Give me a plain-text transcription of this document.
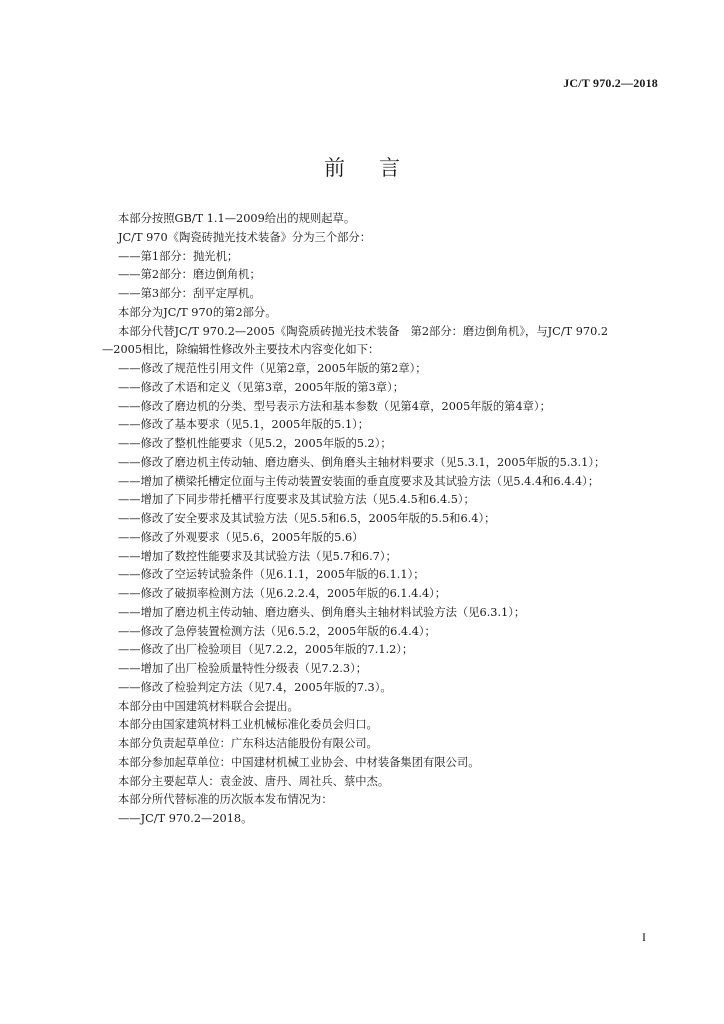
JC/T 970.2—2018
前言
本部分按照GB/T 1.1—2009给出的规则起草。
JC/T 970《陶瓷砖抛光技术装备》分为三个部分：
——第1部分：抛光机；
——第2部分：磨边倒角机；
——第3部分：刮平定厚机。
本部分为JC/T 970的第2部分。
本部分代替JC/T 970.2—2005《陶瓷质砖抛光技术装备　第2部分：磨边倒角机》，与JC/T 970.2
—2005相比，除编辑性修改外主要技术内容变化如下：
——修改了规范性引用文件（见第2章，2005年版的第2章）；
——修改了术语和定义（见第3章，2005年版的第3章）；
——修改了磨边机的分类、型号表示方法和基本参数（见第4章，2005年版的第4章）；
——修改了基本要求（见5.1，2005年版的5.1）；
——修改了整机性能要求（见5.2，2005年版的5.2）；
——修改了磨边机主传动轴、磨边磨头、倒角磨头主轴材料要求（见5.3.1，2005年版的5.3.1）；
——增加了横梁托槽定位面与主传动装置安装面的垂直度要求及其试验方法（见5.4.4和6.4.4）；
——增加了下同步带托槽平行度要求及其试验方法（见5.4.5和6.4.5）；
——修改了安全要求及其试验方法（见5.5和6.5，2005年版的5.5和6.4）；
——修改了外观要求（见5.6，2005年版的5.6）
——增加了数控性能要求及其试验方法（见5.7和6.7）；
——修改了空运转试验条件（见6.1.1，2005年版的6.1.1）；
——修改了破损率检测方法（见6.2.2.4，2005年版的6.1.4.4）；
——增加了磨边机主传动轴、磨边磨头、倒角磨头主轴材料试验方法（见6.3.1）；
——修改了急停装置检测方法（见6.5.2，2005年版的6.4.4）；
——修改了出厂检验项目（见7.2.2，2005年版的7.1.2）；
——增加了出厂检验质量特性分级表（见7.2.3）；
——修改了检验判定方法（见7.4，2005年版的7.3）。
本部分由中国建筑材料联合会提出。
本部分由国家建筑材料工业机械标准化委员会归口。
本部分负责起草单位：广东科达洁能股份有限公司。
本部分参加起草单位：中国建材机械工业协会、中材装备集团有限公司。
本部分主要起草人：袁金波、唐丹、周社兵、蔡中杰。
本部分所代替标准的历次版本发布情况为：
——JC/T 970.2—2018。
I
